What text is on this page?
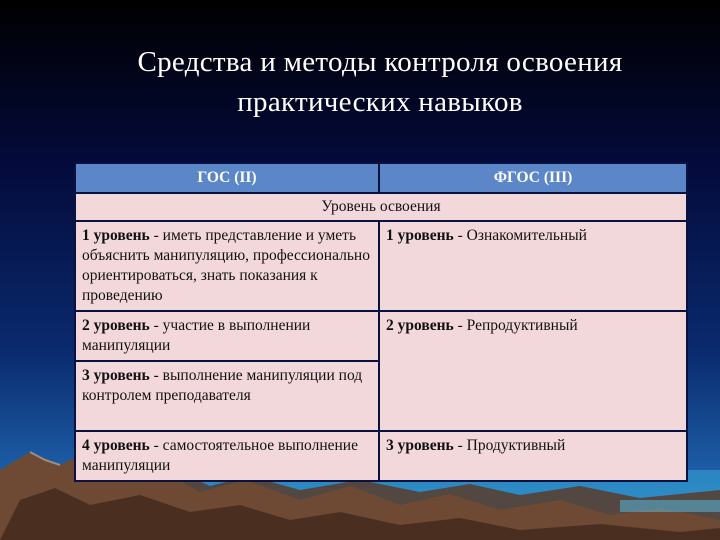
Средства и методы контроля освоения
практических навыков
ГОС (II)	ФГОС (III)
Уровень освоения	
1 уровень - иметь представление и уметь объяснить манипуляцию, профессионально ориентироваться, знать показания к проведению	1 уровень - Ознакомительный
2 уровень - участие в выполнении манипуляции	2 уровень - Репродуктивный
3 уровень - выполнение манипуляции под контролем преподавателя	
4 уровень - самостоятельное выполнение манипуляции	3 уровень - Продуктивный
